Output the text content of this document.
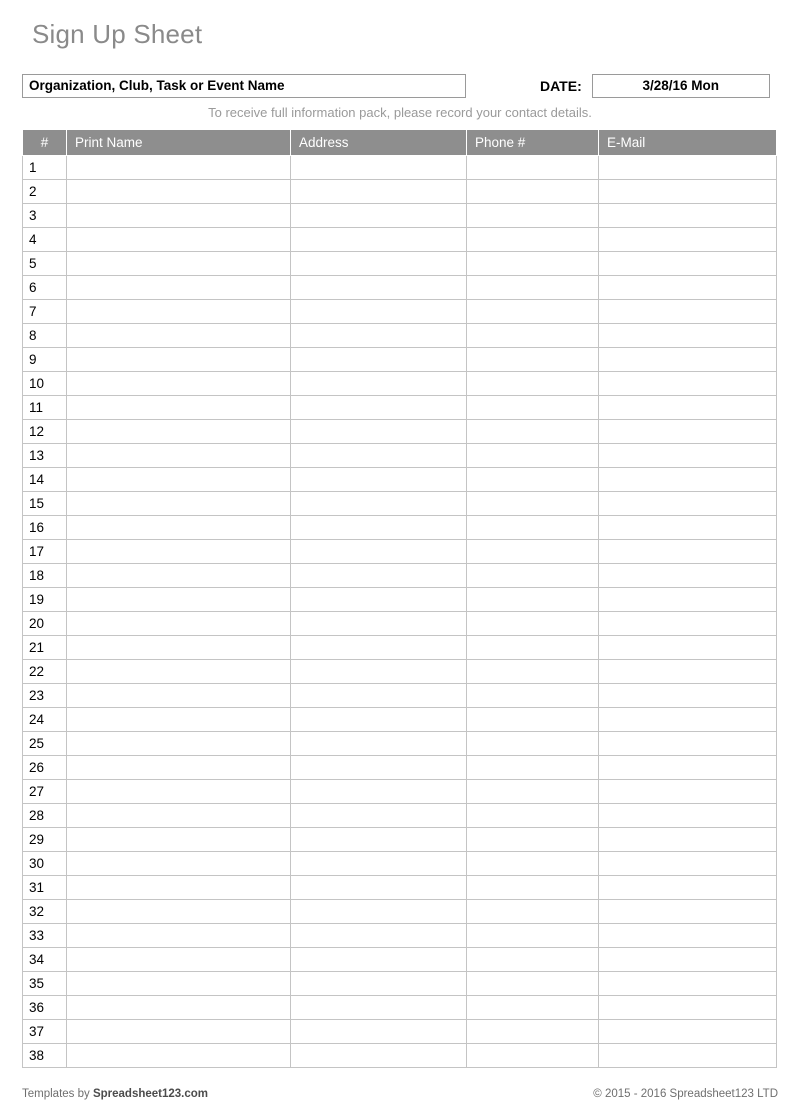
Sign Up Sheet
Organization, Club, Task or Event Name	DATE:	3/28/16 Mon
To receive full information pack, please record your contact details.
#	Print Name	Address	Phone #	E-Mail
1				
2				
3				
4				
5				
6				
7				
8				
9				
10				
11				
12				
13				
14				
15				
16				
17				
18				
19				
20				
21				
22				
23				
24				
25				
26				
27				
28				
29				
30				
31				
32				
33				
34				
35				
36				
37				
38				
Templates by Spreadsheet123.com	© 2015 - 2016 Spreadsheet123 LTD
